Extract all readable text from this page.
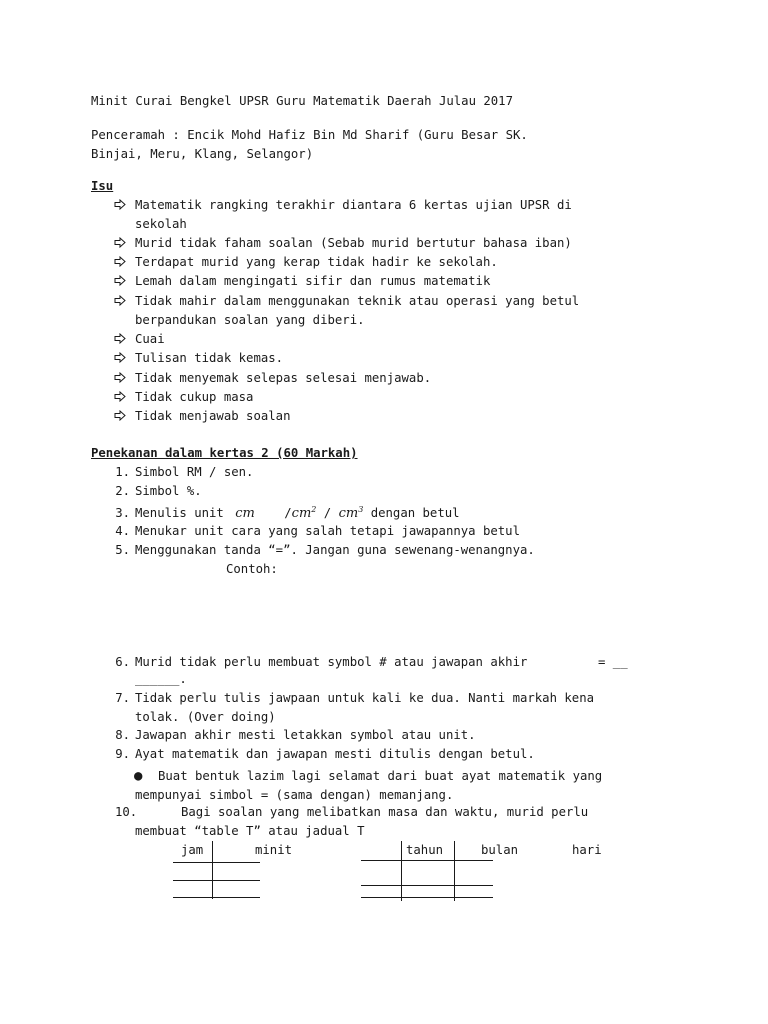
Minit Curai Bengkel UPSR Guru Matematik Daerah Julau 2017
Penceramah : Encik Mohd Hafiz Bin Md Sharif (Guru Besar SK.
Binjai, Meru, Klang, Selangor)
Isu
Matematik rangking terakhir diantara 6 kertas ujian UPSR di
sekolah
Murid tidak faham soalan (Sebab murid bertutur bahasa iban)
Terdapat murid yang kerap tidak hadir ke sekolah.
Lemah dalam mengingati sifir dan rumus matematik
Tidak mahir dalam menggunakan teknik atau operasi yang betul
berpandukan soalan yang diberi.
Cuai
Tulisan tidak kemas.
Tidak menyemak selepas selesai menjawab.
Tidak cukup masa
Tidak menjawab soalan
Penekanan dalam kertas 2 (60 Markah)
1. Simbol RM / sen.
2. Simbol %.
3. Menulis unit cm $/cm^2 / cm^3$ dengan betul
4. Menukar unit cara yang salah tetapi jawapannya betul
5. Menggunakan tanda “=”. Jangan guna sewenang-wenangnya.
Contoh:
6. Murid tidak perlu membuat symbol # atau jawapan akhir	= __
______.
7. Tidak perlu tulis jawpaan untuk kali ke dua. Nanti markah kena
tolak. (Over doing)
8. Jawapan akhir mesti letakkan symbol atau unit.
9. Ayat matematik dan jawapan mesti ditulis dengan betul.
● Buat bentuk lazim lagi selamat dari buat ayat matematik yang
mempunyai simbol = (sama dengan) memanjang.
10.	Bagi soalan yang melibatkan masa dan waktu, murid perlu
membuat “table T” atau jadual T
jam	minit	tahun	bulan	hari
